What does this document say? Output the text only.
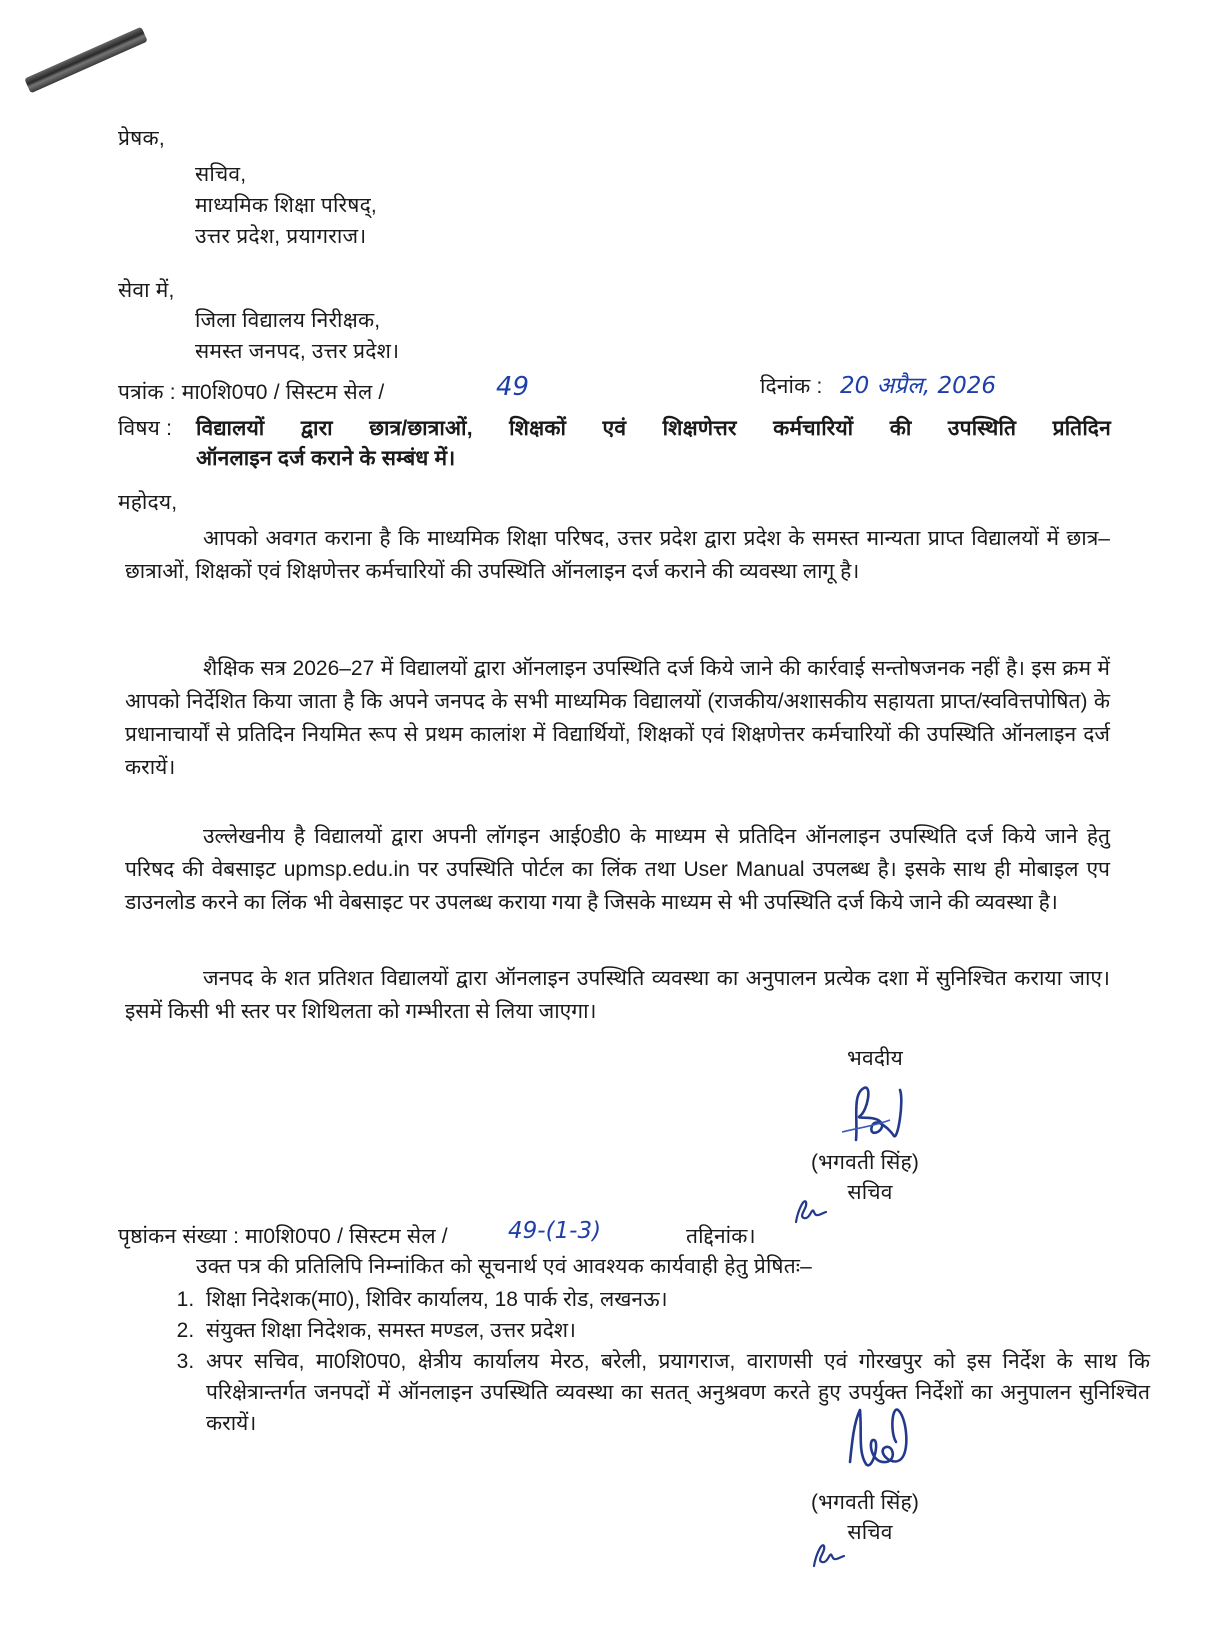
प्रेषक,
सचिव,
माध्यमिक शिक्षा परिषद्,
उत्तर प्रदेश, प्रयागराज।
सेवा में,
जिला विद्यालय निरीक्षक,
समस्त जनपद, उत्तर प्रदेश।
पत्रांक : मा0शि0प0 / सिस्टम सेल /	49	दिनांक : 20 अप्रैल, 2026
विषय : विद्यालयों द्वारा छात्र/छात्राओं, शिक्षकों एवं शिक्षणेत्तर कर्मचारियों की उपस्थिति प्रतिदिन
ऑनलाइन दर्ज कराने के सम्बंध में।
महोदय,
आपको अवगत कराना है कि माध्यमिक शिक्षा परिषद, उत्तर प्रदेश द्वारा प्रदेश के समस्त मान्यता प्राप्त विद्यालयों में छात्र–छात्राओं, शिक्षकों एवं शिक्षणेत्तर कर्मचारियों की उपस्थिति ऑनलाइन दर्ज कराने की व्यवस्था लागू है।
शैक्षिक सत्र 2026–27 में विद्यालयों द्वारा ऑनलाइन उपस्थिति दर्ज किये जाने की कार्रवाई सन्तोषजनक नहीं है। इस क्रम में आपको निर्देशित किया जाता है कि अपने जनपद के सभी माध्यमिक विद्यालयों (राजकीय/अशासकीय सहायता प्राप्त/स्ववित्तपोषित) के प्रधानाचार्यों से प्रतिदिन नियमित रूप से प्रथम कालांश में विद्यार्थियों, शिक्षकों एवं शिक्षणेत्तर कर्मचारियों की उपस्थिति ऑनलाइन दर्ज करायें।
उल्लेखनीय है विद्यालयों द्वारा अपनी लॉगइन आई0डी0 के माध्यम से प्रतिदिन ऑनलाइन उपस्थिति दर्ज किये जाने हेतु परिषद की वेबसाइट upmsp.edu.in पर उपस्थिति पोर्टल का लिंक तथा User Manual उपलब्ध है। इसके साथ ही मोबाइल एप डाउनलोड करने का लिंक भी वेबसाइट पर उपलब्ध कराया गया है जिसके माध्यम से भी उपस्थिति दर्ज किये जाने की व्यवस्था है।
जनपद के शत प्रतिशत विद्यालयों द्वारा ऑनलाइन उपस्थिति व्यवस्था का अनुपालन प्रत्येक दशा में सुनिश्चित कराया जाए। इसमें किसी भी स्तर पर शिथिलता को गम्भीरता से लिया जाएगा।
भवदीय
(भगवती सिंह)
सचिव
पृष्ठांकन संख्या : मा0शि0प0 / सिस्टम सेल /	49-(1-3)	तद्दिनांक।
उक्त पत्र की प्रतिलिपि निम्नांकित को सूचनार्थ एवं आवश्यक कार्यवाही हेतु प्रेषितः–
1. शिक्षा निदेशक(मा0), शिविर कार्यालय, 18 पार्क रोड, लखनऊ।
2. संयुक्त शिक्षा निदेशक, समस्त मण्डल, उत्तर प्रदेश।
3. अपर सचिव, मा0शि0प0, क्षेत्रीय कार्यालय मेरठ, बरेली, प्रयागराज, वाराणसी एवं गोरखपुर को इस निर्देश के साथ कि परिक्षेत्रान्तर्गत जनपदों में ऑनलाइन उपस्थिति व्यवस्था का सतत् अनुश्रवण करते हुए उपर्युक्त निर्देशों का अनुपालन सुनिश्चित करायें।
(भगवती सिंह)
सचिव
